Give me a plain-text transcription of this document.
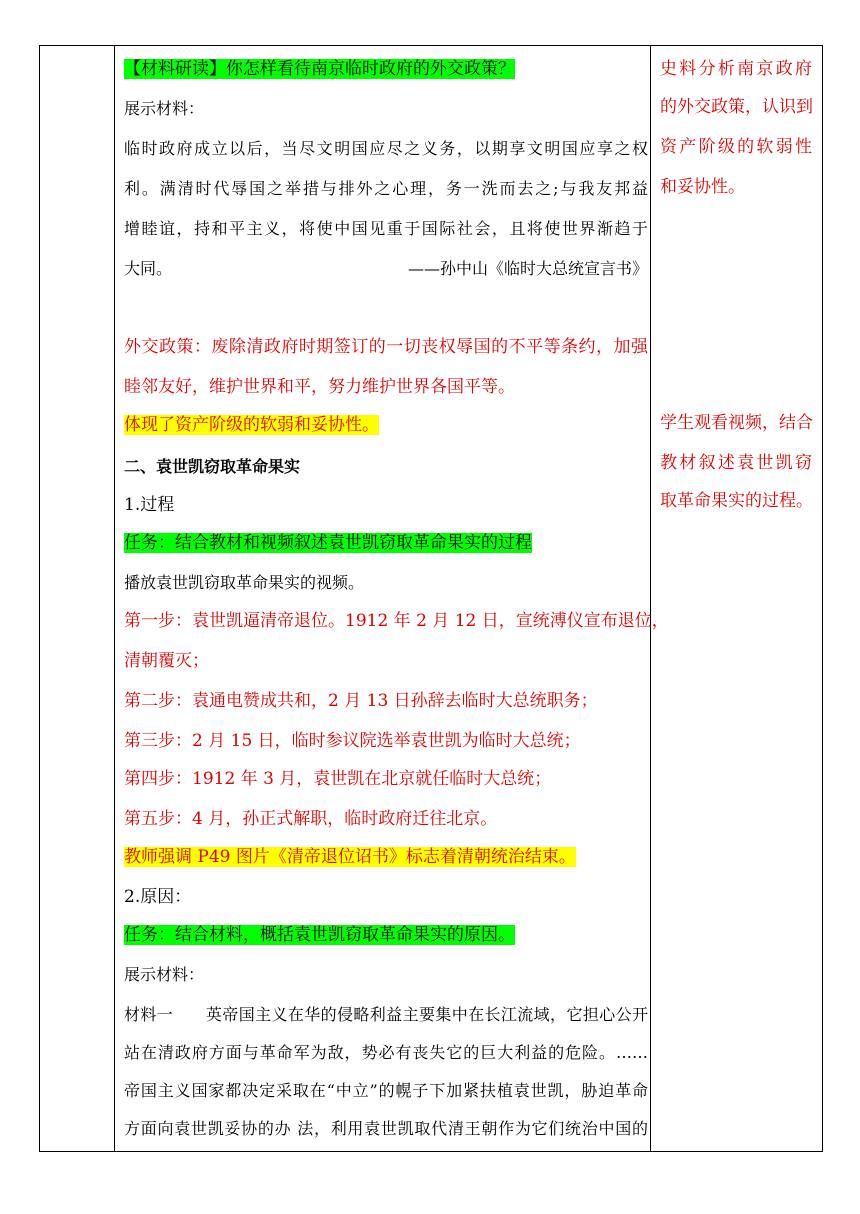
【材料研读】你怎样看待南京临时政府的外交政策？
展示材料：
临时政府成立以后，当尽文明国应尽之义务，以期享文明国应享之权
利。满清时代辱国之举措与排外之心理，务一洗而去之;与我友邦益
增睦谊，持和平主义，将使中国见重于国际社会，且将使世界渐趋于
大同。	——孙中山《临时大总统宣言书》
外交政策：废除清政府时期签订的一切丧权辱国的不平等条约，加强
睦邻友好，维护世界和平，努力维护世界各国平等。
体现了资产阶级的软弱和妥协性。
二、袁世凯窃取革命果实
1.过程
任务：结合教材和视频叙述袁世凯窃取革命果实的过程
播放袁世凯窃取革命果实的视频。
第一步：袁世凯逼清帝退位。1912 年 2 月 12 日，宣统溥仪宣布退位，
清朝覆灭；
第二步：袁通电赞成共和，2 月 13 日孙辞去临时大总统职务；
第三步：2 月 15 日，临时参议院选举袁世凯为临时大总统；
第四步：1912 年 3 月，袁世凯在北京就任临时大总统；
第五步：4 月，孙正式解职，临时政府迁往北京。
教师强调 P49 图片《清帝退位诏书》标志着清朝统治结束。
2.原因：
任务：结合材料，概括袁世凯窃取革命果实的原因。
展示材料：
材料一　　英帝国主义在华的侵略利益主要集中在长江流域，它担心公开
站在清政府方面与革命军为敌，势必有丧失它的巨大利益的危险。……
帝国主义国家都决定采取在“中立”的幌子下加紧扶植袁世凯，胁迫革命
方面向袁世凯妥协的办 法，利用袁世凯取代清王朝作为它们统治中国的
史料分析南京政府
的外交政策，认识到
资产阶级的软弱性
和妥协性。
学生观看视频，结合
教材叙述袁世凯窃
取革命果实的过程。
